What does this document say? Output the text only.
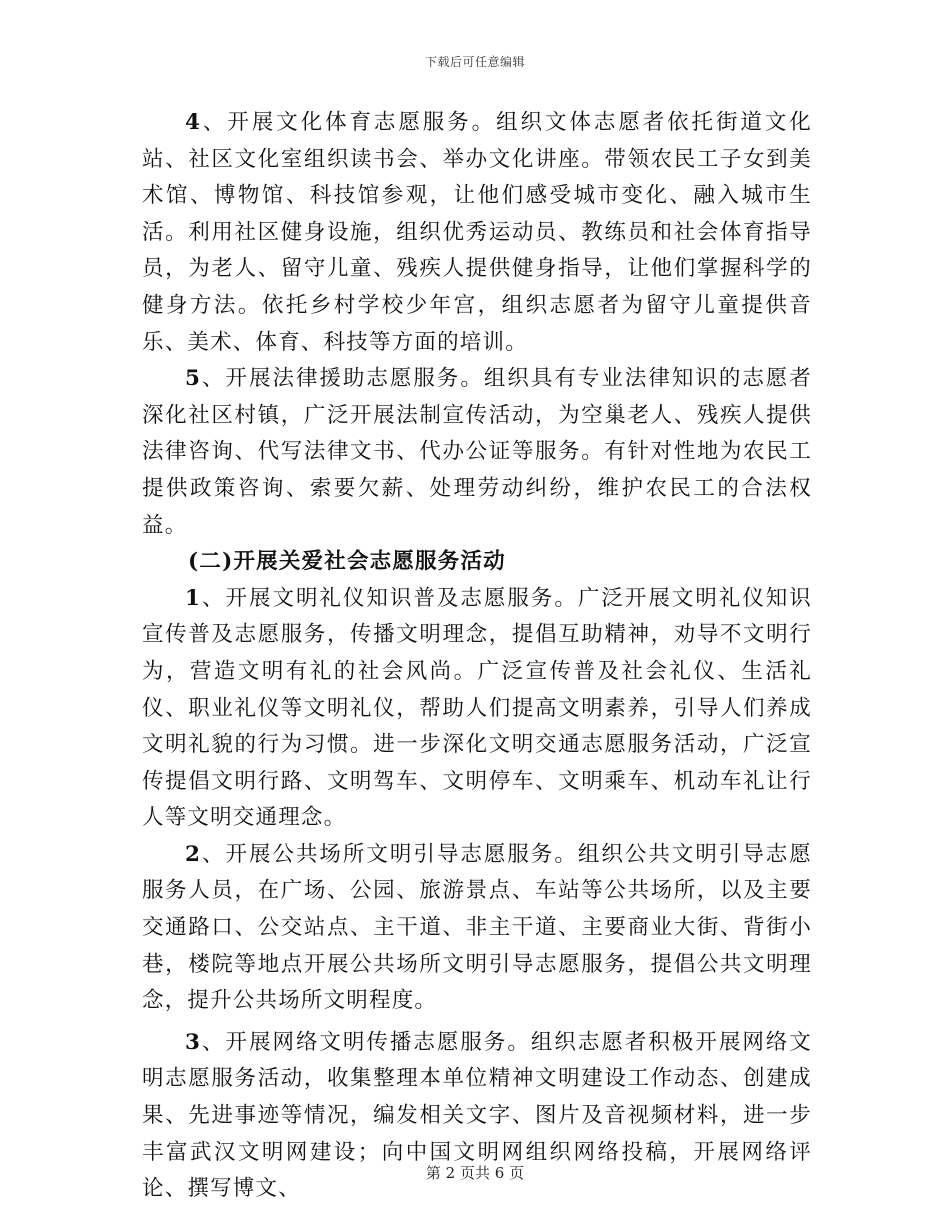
下载后可任意编辑

4、开展文化体育志愿服务。组织文体志愿者依托街道文化站、社区文化室组织读书会、举办文化讲座。带领农民工子女到美术馆、博物馆、科技馆参观，让他们感受城市变化、融入城市生活。利用社区健身设施，组织优秀运动员、教练员和社会体育指导员，为老人、留守儿童、残疾人提供健身指导，让他们掌握科学的健身方法。依托乡村学校少年宫，组织志愿者为留守儿童提供音乐、美术、体育、科技等方面的培训。

5、开展法律援助志愿服务。组织具有专业法律知识的志愿者深化社区村镇，广泛开展法制宣传活动，为空巢老人、残疾人提供法律咨询、代写法律文书、代办公证等服务。有针对性地为农民工提供政策咨询、索要欠薪、处理劳动纠纷，维护农民工的合法权益。

(二)开展关爱社会志愿服务活动

1、开展文明礼仪知识普及志愿服务。广泛开展文明礼仪知识宣传普及志愿服务，传播文明理念，提倡互助精神，劝导不文明行为，营造文明有礼的社会风尚。广泛宣传普及社会礼仪、生活礼仪、职业礼仪等文明礼仪，帮助人们提高文明素养，引导人们养成文明礼貌的行为习惯。进一步深化文明交通志愿服务活动，广泛宣传提倡文明行路、文明驾车、文明停车、文明乘车、机动车礼让行人等文明交通理念。

2、开展公共场所文明引导志愿服务。组织公共文明引导志愿服务人员，在广场、公园、旅游景点、车站等公共场所，以及主要交通路口、公交站点、主干道、非主干道、主要商业大街、背街小巷，楼院等地点开展公共场所文明引导志愿服务，提倡公共文明理念，提升公共场所文明程度。

3、开展网络文明传播志愿服务。组织志愿者积极开展网络文明志愿服务活动，收集整理本单位精神文明建设工作动态、创建成果、先进事迹等情况，编发相关文字、图片及音视频材料，进一步丰富武汉文明网建设；向中国文明网组织网络投稿，开展网络评论、撰写博文、

第 2 页共 6 页
